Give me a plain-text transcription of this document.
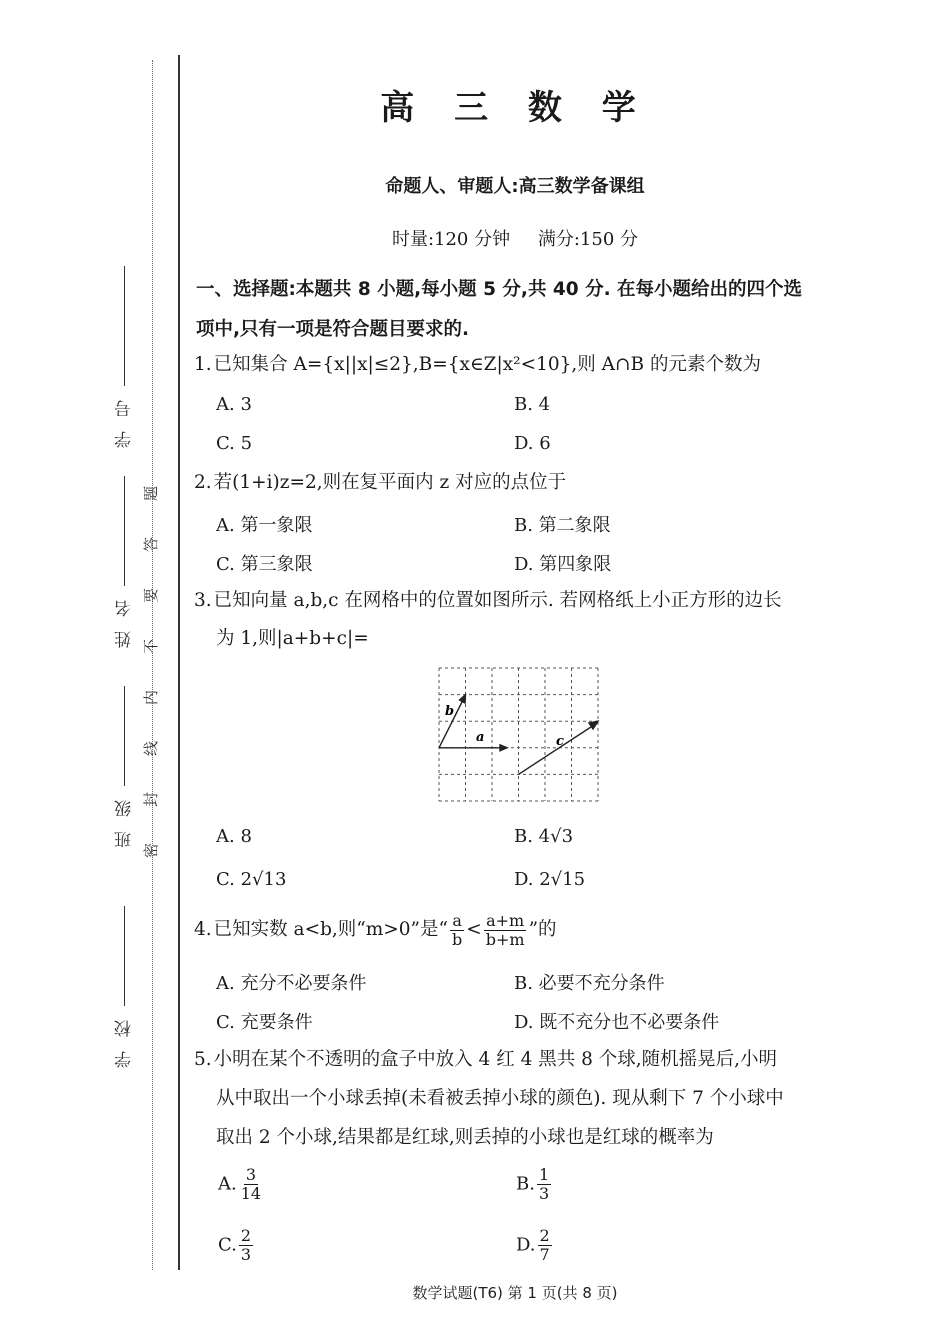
学号
姓名
班级
学校
题
答
要
不
内
线
封
密
高 三 数 学
命题人、审题人:高三数学备课组
时量:120 分钟 满分:150 分
一、选择题:本题共 8 小题,每小题 5 分,共 40 分. 在每小题给出的四个选
项中,只有一项是符合题目要求的.
1. 已知集合 A={x||x|≤2},B={x∈Z|x²<10},则 A∩B 的元素个数为
A. 3	B. 4
C. 5	D. 6
2. 若(1+i)z=2,则在复平面内 z 对应的点位于
A. 第一象限	B. 第二象限
C. 第三象限	D. 第四象限
3. 已知向量 a,b,c 在网格中的位置如图所示. 若网格纸上小正方形的边长
为 1,则|a+b+c|=
b
a	c
A. 8	B. 4√3
C. 2√13	D. 2√15
4. 已知实数 a<b,则“m>0”是“ $\frac{a}{b} < \frac{a+m}{b+m}$ ”的
A. 充分不必要条件	B. 必要不充分条件
C. 充要条件	D. 既不充分也不必要条件
5. 小明在某个不透明的盒子中放入 4 红 4 黑共 8 个球,随机摇晃后,小明
从中取出一个小球丢掉(未看被丢掉小球的颜色). 现从剩下 7 个小球中
取出 2 个小球,结果都是红球,则丢掉的小球也是红球的概率为
A. $\frac{3}{14}$	B. $\frac{1}{3}$
C. $\frac{2}{3}$	D. $\frac{2}{7}$
数学试题(T6) 第 1 页(共 8 页)
